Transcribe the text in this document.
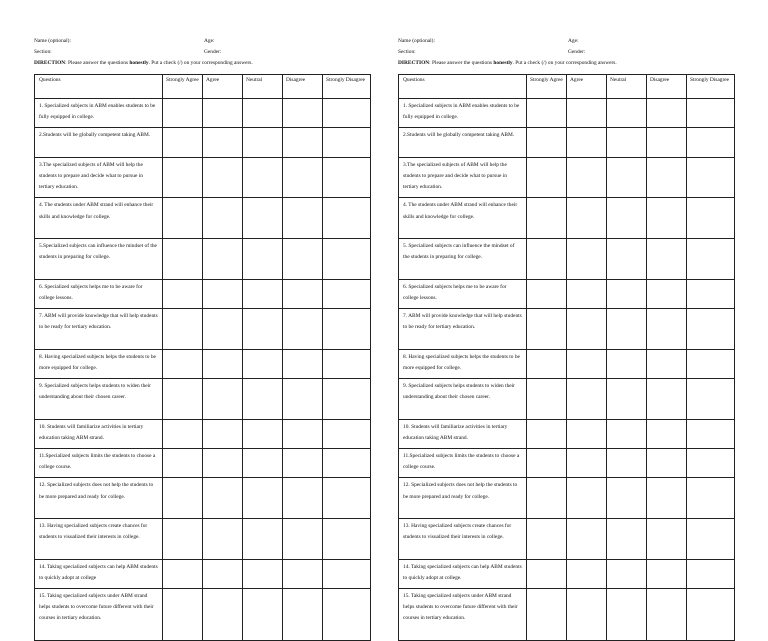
Name (optional):	Age:
Section:	Gender:
DIRECTION: Please answer the questions honestly. Put a check (/) on your corresponding answers.
Questions	Strongly Agree	Agree	Neutral	Disagree	Strongly Disagree

1. Specialized subjects in ABM enables students to be fully equipped in college.					

2.Students will be globally competent taking ABM.					

3.The specialized subjects of ABM will help the students to prepare and decide what to pursue in tertiary education.					

4. The students under ABM strand will enhance their skills and knowledge for college.					

5.Specialized subjects can influence the mindset of the students in preparing for college.					

6. Specialized subjects helps me to be aware for college lessons.					

7. ABM will provide knowledge that will help students to be ready for tertiary education.					

8. Having specialized subjects helps the students to be more equipped for college.					

9. Specialized subjects helps students to widen their understanding about their chosen career.					

10. Students will familiarize activities in tertiary education taking ABM strand.					

11.Specialized subjects limits the students to choose a college course.					

12. Specialized subjects does not help the students to be more prepared and ready for college.					

13. Having specialized subjects create chances for students to visualized their interests in college.					

14. Taking specialized subjects can help ABM students to quickly adopt at college					

15. Taking specialized subjects under ABM strand helps students to overcome future different with their courses in tertiary education.					

Name (optional):	Age:
Section:	Gender:
DIRECTION: Please answer the questions honestly. Put a check (/) on your corresponding answers.
Questions	Strongly Agree	Agree	Neutral	Disagree	Strongly Disagree

1. Specialized subjects in ABM enables students to be fully equipped in college.					

2.Students will be globally competent taking ABM.					

3.The specialized subjects of ABM will help the students to prepare and decide what to pursue in tertiary education.					

4. The students under ABM strand will enhance their skills and knowledge for college.					

5. Specialized subjects can influence the mindset of the students in preparing for college.					

6. Specialized subjects helps me to be aware for college lessons.					

7. ABM will provide knowledge that will help students to be ready for tertiary education.					

8. Having specialized subjects helps the students to be more equipped for college.					

9. Specialized subjects helps students to widen their understanding about their chosen career.					

10. Students will familiarize activities in tertiary education taking ABM strand.					

11.Specialized subjects limits the students to choose a college course.					

12. Specialized subjects does not help the students to be more prepared and ready for college.					

13. Having specialized subjects create chances for students to visualized their interests in college.					

14. Taking specialized subjects can help ABM students to quickly adopt at college.					

15. Taking specialized subjects under ABM strand helps students to overcome future different with their courses in tertiary education.					
